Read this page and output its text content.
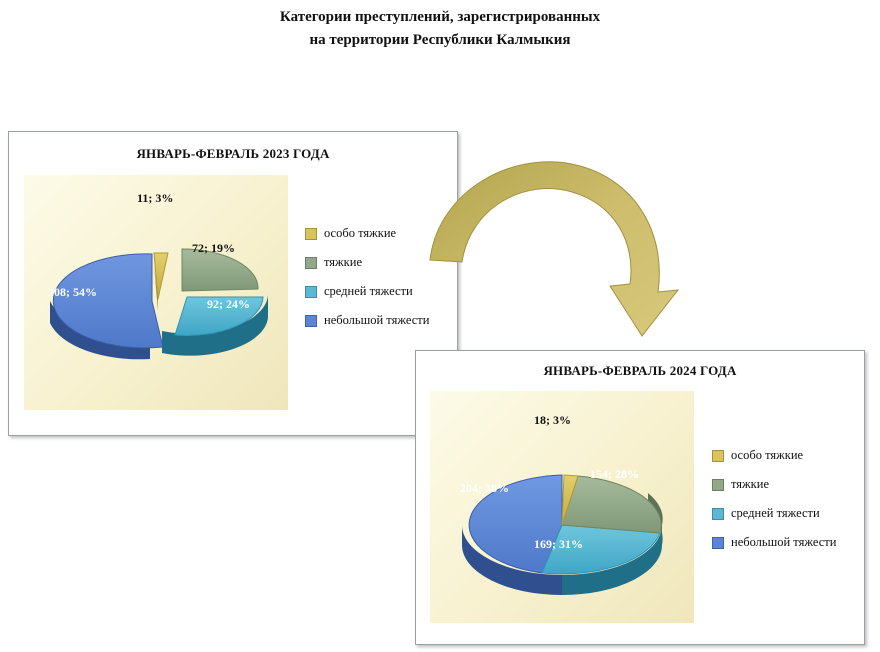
Категории преступлений, зарегистрированных
на территории Республики Калмыкия
ЯНВАРЬ-ФЕВРАЛЬ 2023 ГОДА
11; 3%
72; 19%
92; 24%
208; 54%
особо тяжкие
тяжкие
средней тяжести
небольшой тяжести
ЯНВАРЬ-ФЕВРАЛЬ 2024 ГОДА
18; 3%
154; 28%
169; 31%
204; 38%
особо тяжкие
тяжкие
средней тяжести
небольшой тяжести
